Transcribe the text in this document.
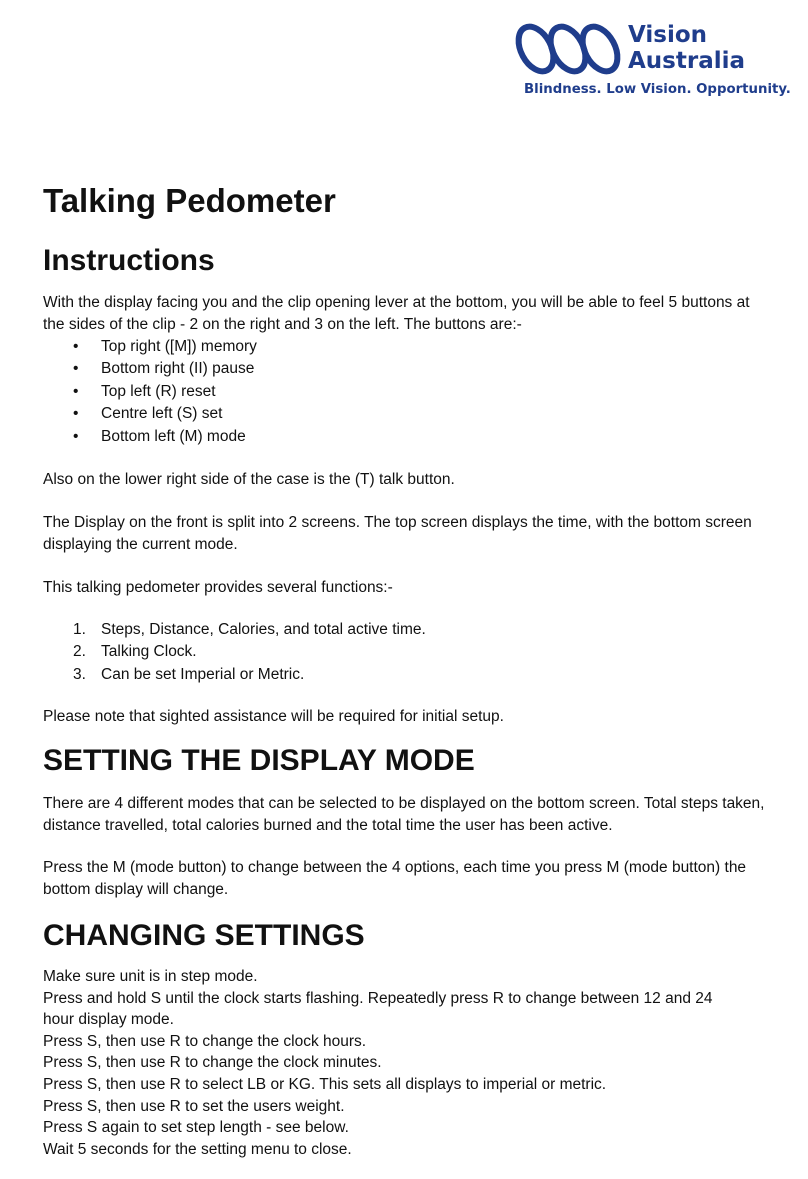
Vision
Australia
Blindness. Low Vision. Opportunity.
Talking Pedometer
Instructions

With the display facing you and the clip opening lever at the bottom, you will be able to feel 5 buttons at the sides of the clip - 2 on the right and 3 on the left. The buttons are:-

• Top right ([M]) memory
• Bottom right (II) pause
• Top left (R) reset
• Centre left (S) set
• Bottom left (M) mode

Also on the lower right side of the case is the (T) talk button.

The Display on the front is split into 2 screens. The top screen displays the time, with the bottom screen displaying the current mode.

This talking pedometer provides several functions:-

1. Steps, Distance, Calories, and total active time.
2. Talking Clock.
3. Can be set Imperial or Metric.

Please note that sighted assistance will be required for initial setup.

SETTING THE DISPLAY MODE

There are 4 different modes that can be selected to be displayed on the bottom screen. Total steps taken, distance travelled, total calories burned and the total time the user has been active.

Press the M (mode button) to change between the 4 options, each time you press M (mode button) the bottom display will change.

CHANGING SETTINGS
Make sure unit is in step mode.
Press and hold S until the clock starts flashing. Repeatedly press R to change between 12 and 24
hour display mode.
Press S, then use R to change the clock hours.
Press S, then use R to change the clock minutes.
Press S, then use R to select LB or KG. This sets all displays to imperial or metric.
Press S, then use R to set the users weight.
Press S again to set step length - see below.
Wait 5 seconds for the setting menu to close.
